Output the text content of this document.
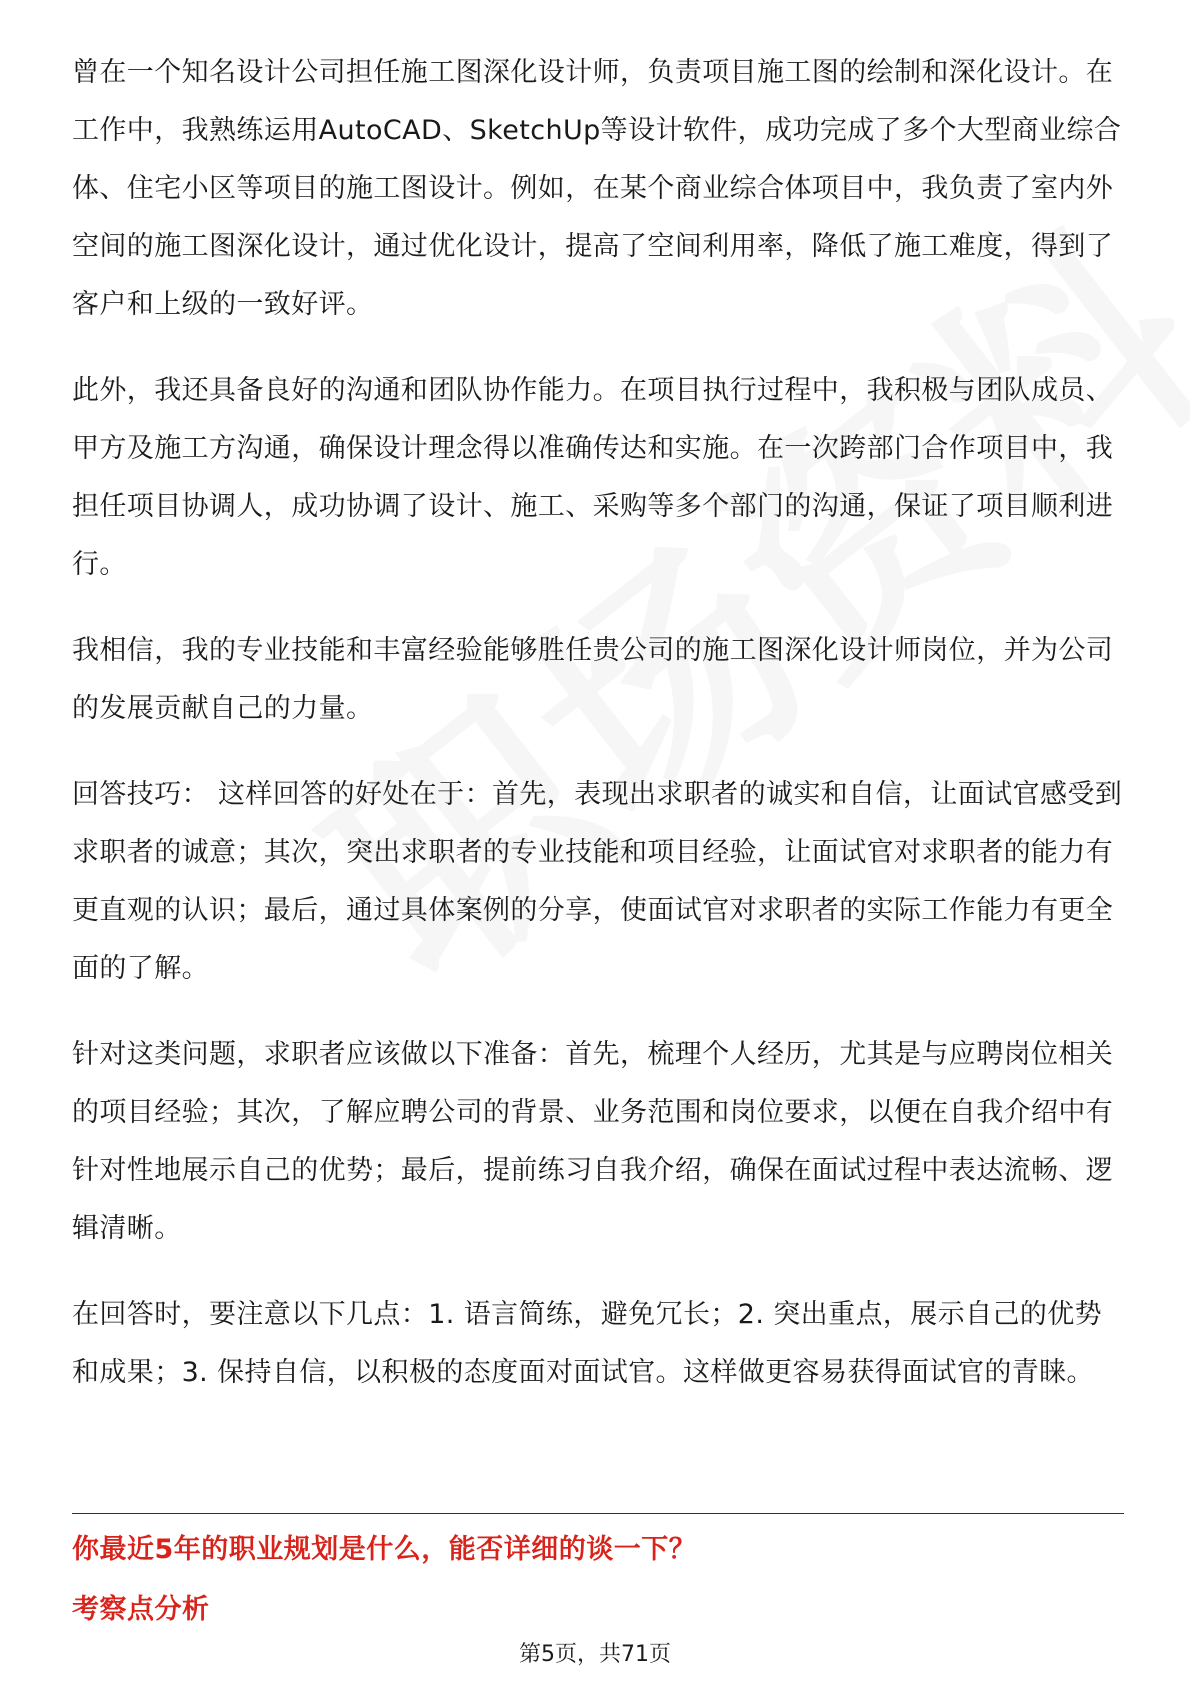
曾在一个知名设计公司担任施工图深化设计师，负责项目施工图的绘制和深化设计。在工作中，我熟练运用AutoCAD、SketchUp等设计软件，成功完成了多个大型商业综合体、住宅小区等项目的施工图设计。例如，在某个商业综合体项目中，我负责了室内外空间的施工图深化设计，通过优化设计，提高了空间利用率，降低了施工难度，得到了客户和上级的一致好评。

此外，我还具备良好的沟通和团队协作能力。在项目执行过程中，我积极与团队成员、甲方及施工方沟通，确保设计理念得以准确传达和实施。在一次跨部门合作项目中，我担任项目协调人，成功协调了设计、施工、采购等多个部门的沟通，保证了项目顺利进行。

我相信，我的专业技能和丰富经验能够胜任贵公司的施工图深化设计师岗位，并为公司的发展贡献自己的力量。

回答技巧： 这样回答的好处在于：首先，表现出求职者的诚实和自信，让面试官感受到求职者的诚意；其次，突出求职者的专业技能和项目经验，让面试官对求职者的能力有更直观的认识；最后，通过具体案例的分享，使面试官对求职者的实际工作能力有更全面的了解。

针对这类问题，求职者应该做以下准备：首先，梳理个人经历，尤其是与应聘岗位相关的项目经验；其次，了解应聘公司的背景、业务范围和岗位要求，以便在自我介绍中有针对性地展示自己的优势；最后，提前练习自我介绍，确保在面试过程中表达流畅、逻辑清晰。

在回答时，要注意以下几点：1. 语言简练，避免冗长；2. 突出重点，展示自己的优势和成果；3. 保持自信，以积极的态度面对面试官。这样做更容易获得面试官的青睐。

你最近5年的职业规划是什么，能否详细的谈一下？
考察点分析
第5页，共71页
